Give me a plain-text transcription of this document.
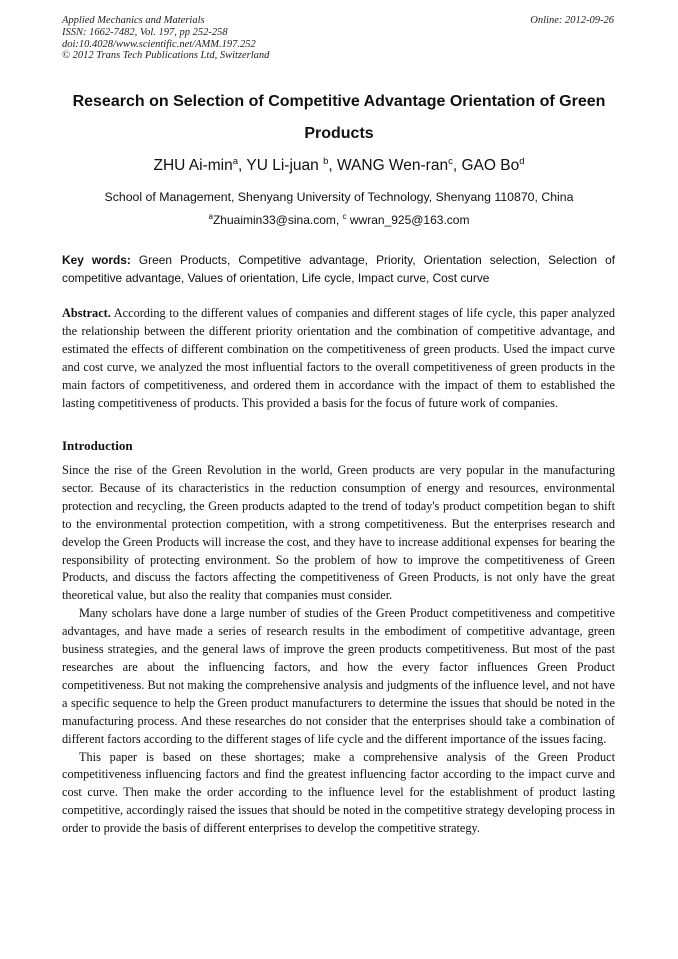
Applied Mechanics and Materials
ISSN: 1662-7482, Vol. 197, pp 252-258
doi:10.4028/www.scientific.net/AMM.197.252
© 2012 Trans Tech Publications Ltd, Switzerland
Online: 2012-09-26
Research on Selection of Competitive Advantage Orientation of Green
Products
ZHU $Ai-\min^a$, YU Li-juan $^b$, WANG Wen-ran$^c$, GAO Bo$^d$
School of Management, Shenyang University of Technology, Shenyang 110870, China
$^a$Zhuaimin33@sina.com, $^c$ wwran_925@163.com
Key words: Green Products, Competitive advantage, Priority, Orientation selection, Selection of competitive advantage, Values of orientation, Life cycle, Impact curve, Cost curve
Abstract. According to the different values of companies and different stages of life cycle, this paper analyzed the relationship between the different priority orientation and the combination of competitive advantage, and estimated the effects of different combination on the competitiveness of green products. Used the impact curve and cost curve, we analyzed the most influential factors to the overall competitiveness of green products in the main factors of competitiveness, and ordered them in accordance with the impact of them to established the lasting competitiveness of products. This provided a basis for the focus of future work of companies.
Introduction

Since the rise of the Green Revolution in the world, Green products are very popular in the manufacturing sector. Because of its characteristics in the reduction consumption of energy and resources, environmental protection and recycling, the Green products adapted to the trend of today's product competition began to shift to the environmental protection competition, with a strong competitiveness. But the enterprises research and develop the Green Products will increase the cost, and they have to increase additional expenses for bearing the responsibility of protecting environment. So the problem of how to improve the competitiveness of Green Products, and discuss the factors affecting the competitiveness of Green Products, is not only have the great theoretical value, but also the reality that companies must consider.

Many scholars have done a large number of studies of the Green Product competitiveness and competitive advantages, and have made a series of research results in the embodiment of competitive advantage, green business strategies, and the general laws of improve the green products competitiveness. But most of the past researches are about the influencing factors, and how the every factor influences Green Product competitiveness. But not making the comprehensive analysis and judgments of the influence level, and not have a specific sequence to help the Green product manufacturers to determine the issues that should be noted in the manufacturing process. And these researches do not consider that the enterprises should take a combination of different factors according to the different stages of life cycle and the different importance of the issues facing.

This paper is based on these shortages; make a comprehensive analysis of the Green Product competitiveness influencing factors and find the greatest influencing factor according to the impact curve and cost curve. Then make the order according to the influence level for the establishment of product lasting competitive, accordingly raised the issues that should be noted in the competitive strategy developing process in order to provide the basis of different enterprises to develop the competitive strategy.
